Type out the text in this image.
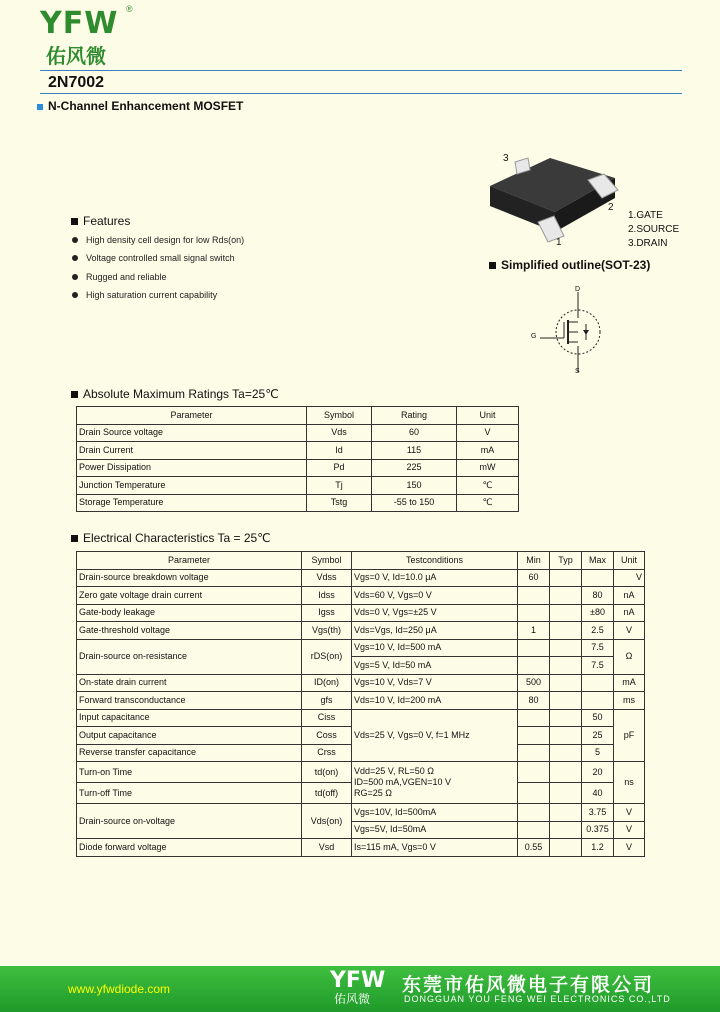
YFW ®
佑风微
2N7002
N-Channel Enhancement MOSFET
Features
High density cell design for low Rds(on)
Voltage controlled small signal switch
Rugged and reliable
High saturation current capability
3
2
1
1.GATE
2.SOURCE
3.DRAIN
Simplified outline(SOT-23)
D
G
S
Absolute Maximum Ratings Ta=25℃
Parameter	Symbol	Rating	Unit
Drain Source voltage	Vds	60	V
Drain Current	Id	115	mA
Power Dissipation	Pd	225	mW
Junction Temperature	Tj	150	℃
Storage Temperature	Tstg	-55 to 150	℃
Electrical Characteristics Ta = 25℃
Parameter	Symbol	Testconditions	Min	Typ	Max	Unit
Drain-source breakdown voltage	Vdss	Vgs=0 V, Id=10.0 μA	60			V
Zero gate voltage drain current	Idss	Vds=60 V, Vgs=0 V			80	nA
Gate-body leakage	Igss	Vds=0 V, Vgs=±25 V			±80	nA
Gate-threshold voltage	Vgs(th)	Vds=Vgs, Id=250 μA	1		2.5	V
Drain-source on-resistance	rDS(on)	Vgs=10 V, Id=500 mA			7.5	Ω
		Vgs=5 V, Id=50 mA			7.5	
On-state drain current	ID(on)	Vgs=10 V, Vds=7 V	500			mA
Forward transconductance	gfs	Vds=10 V, Id=200 mA	80			ms
Input capacitance	Ciss	Vds=25 V, Vgs=0 V, f=1 MHz			50	pF
Output capacitance	Coss				25	
Reverse transfer capacitance	Crss				5	
Turn-on Time	td(on)	Vdd=25 V, RL=50 Ω
ID=500 mA,VGEN=10 V
RG=25 Ω			20	ns
Turn-off Time	td(off)				40	
Drain-source on-voltage	Vds(on)	Vgs=10V, Id=500mA			3.75	V
		Vgs=5V, Id=50mA			0.375	V
Diode forward voltage	Vsd	Is=115 mA, Vgs=0 V	0.55		1.2	V
www.yfwdiode.com	YFW
佑风微
东莞市佑风微电子有限公司
DONGGUAN YOU FENG WEI ELECTRONICS CO.,LTD
